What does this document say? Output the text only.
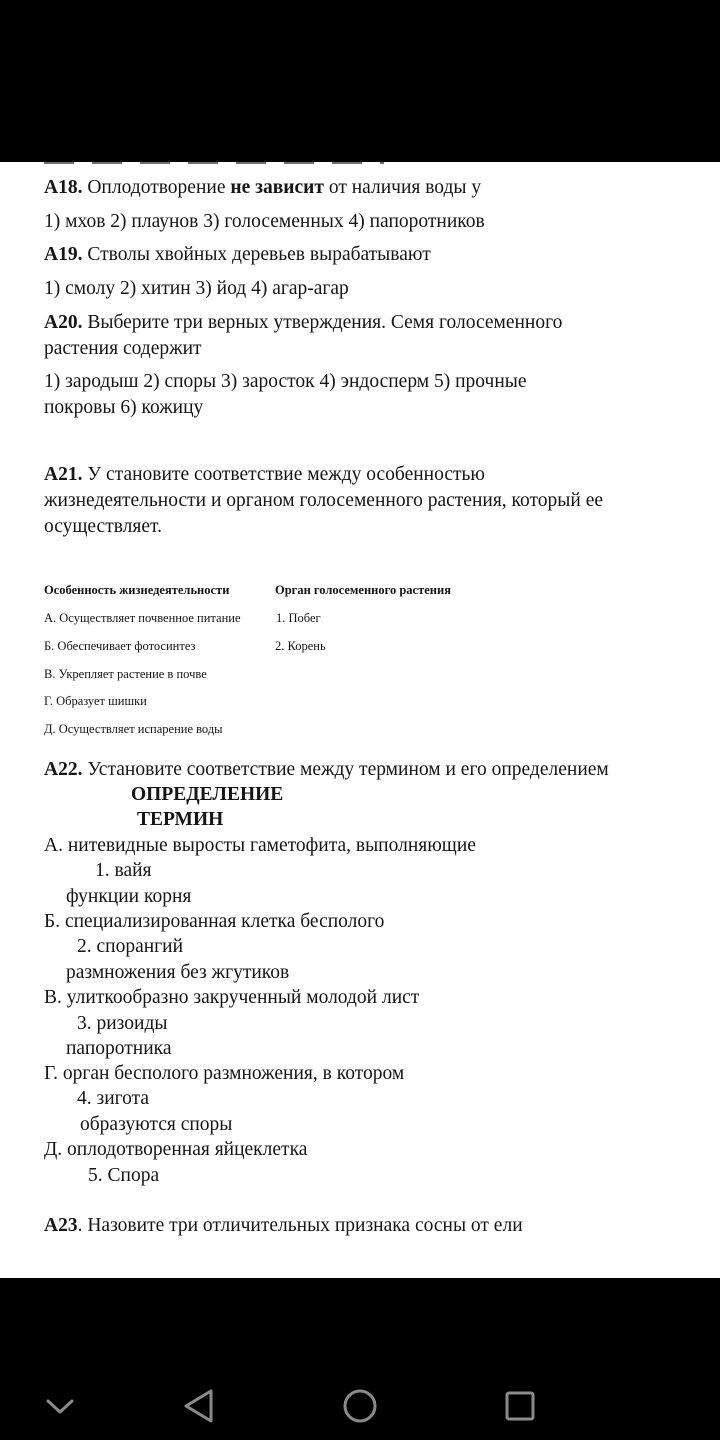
A18. Оплодотворение не зависит от наличия воды у
1) мхов 2) плаунов 3) голосеменных 4) папоротников
A19. Стволы хвойных деревьев вырабатывают
1) смолу 2) хитин 3) йод 4) агар-агар
A20. Выберите три верных утверждения. Семя голосеменного
растения содержит
1) зародыш 2) споры 3) заросток 4) эндосперм 5) прочные
покровы 6) кожицу
A21. У становите соответствие между особенностью
жизнедеятельности и органом голосеменного растения, который ее
осуществляет.
Особенность жизнедеятельности	Орган голосеменного растения
А. Осуществляет почвенное питание
Б. Обеспечивает фотосинтез
В. Укрепляет растение в почве
Г. Образует шишки
Д. Осуществляет испарение воды
1. Побег
2. Корень
A22. Установите соответствие между термином и его определением
ОПРЕДЕЛЕНИЕ
ТЕРМИН
А. нитевидные выросты гаметофита, выполняющие
1. вайя
функции корня
Б. специализированная клетка бесполого
2. спорангий
размножения без жгутиков
В. улиткообразно закрученный молодой лист
3. ризоиды
папоротника
Г. орган бесполого размножения, в котором
4. зигота
образуются споры
Д. оплодотворенная яйцеклетка
5. Спора
A23. Назовите три отличительных признака сосны от ели
